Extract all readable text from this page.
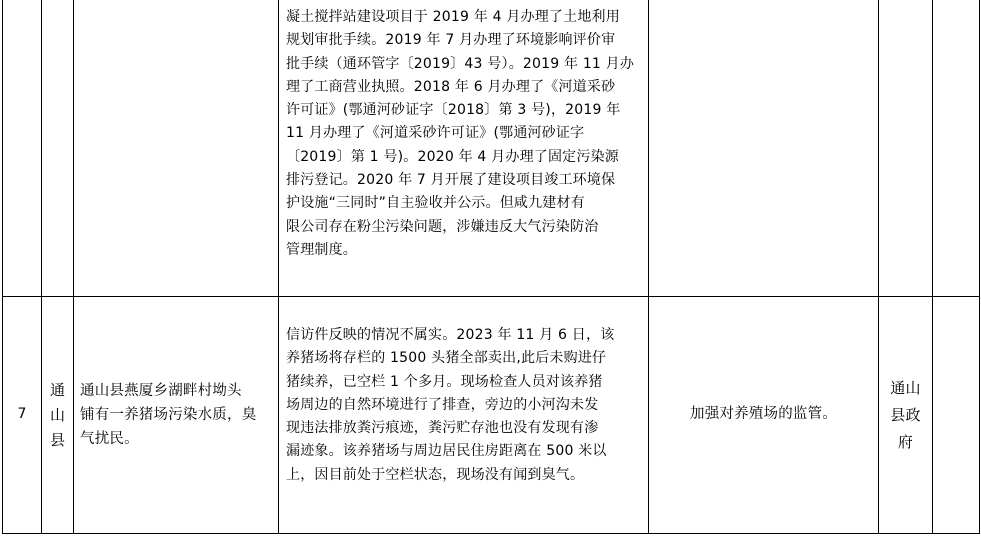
凝土搅拌站建设项目于 2019 年 4 月办理了土地利用
规划审批手续。2019 年 7 月办理了环境影响评价审
批手续（通环管字〔2019〕43 号）。2019 年 11 月办
理了工商营业执照。2018 年 6 月办理了《河道采砂
许可证》(鄂通河砂证字〔2018〕第 3 号)，2019 年
11 月办理了《河道采砂许可证》(鄂通河砂证字
〔2019〕第 1 号)。2020 年 4 月办理了固定污染源
排污登记。2020 年 7 月开展了建设项目竣工环境保
护设施“三同时”自主验收并公示。但咸九建材有
限公司存在粉尘污染问题，涉嫌违反大气污染防治
管理制度。
7
通山县
通山县燕厦乡湖畔村坳头
铺有一养猪场污染水质，臭
气扰民。
信访件反映的情况不属实。2023 年 11 月 6 日，该
养猪场将存栏的 1500 头猪全部卖出,此后未购进仔
猪续养，已空栏 1 个多月。现场检查人员对该养猪
场周边的自然环境进行了排查，旁边的小河沟未发
现违法排放粪污痕迹，粪污贮存池也没有发现有渗
漏迹象。该养猪场与周边居民住房距离在 500 米以
上，因目前处于空栏状态，现场没有闻到臭气。
加强对养殖场的监管。
通山
县政
府
